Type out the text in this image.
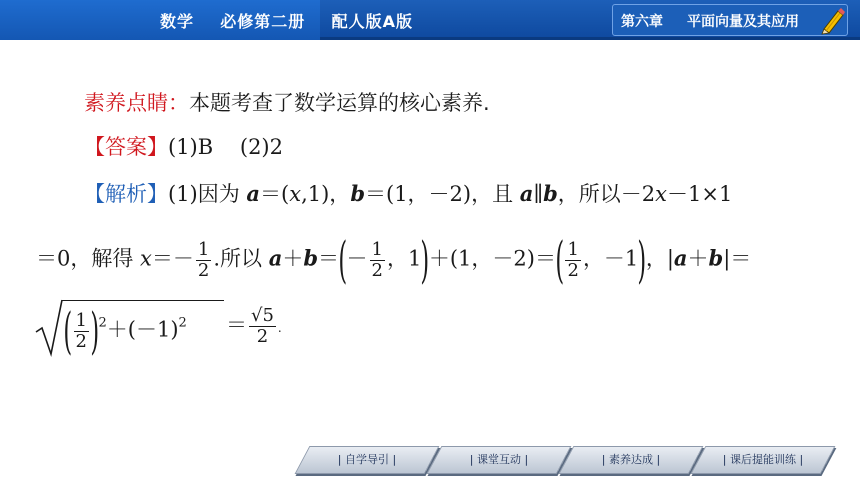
数学    必修第二册    配人版A版	第六章 平面向量及其应用
素养点睛：本题考查了数学运算的核心素养.
【答案】(1)B    (2)2
【解析】(1)因为 a＝(x,1)，b＝(1，－2)，且 a∥b，所以－2x－1×1
＝0，解得 $x=- \frac{1}{2}$ .所以 $a+b=(- \frac{1}{2}$ ，1)＋(1，$-2)=( \frac{1}{2}$ ，－1)，|a＋b|＝
( $\frac{1}{2} )^2+(-1)^2 = \frac{√5}{2}$ .
| 自学导引 |	| 课堂互动 |	| 素养达成 |	| 课后提能训练 |
